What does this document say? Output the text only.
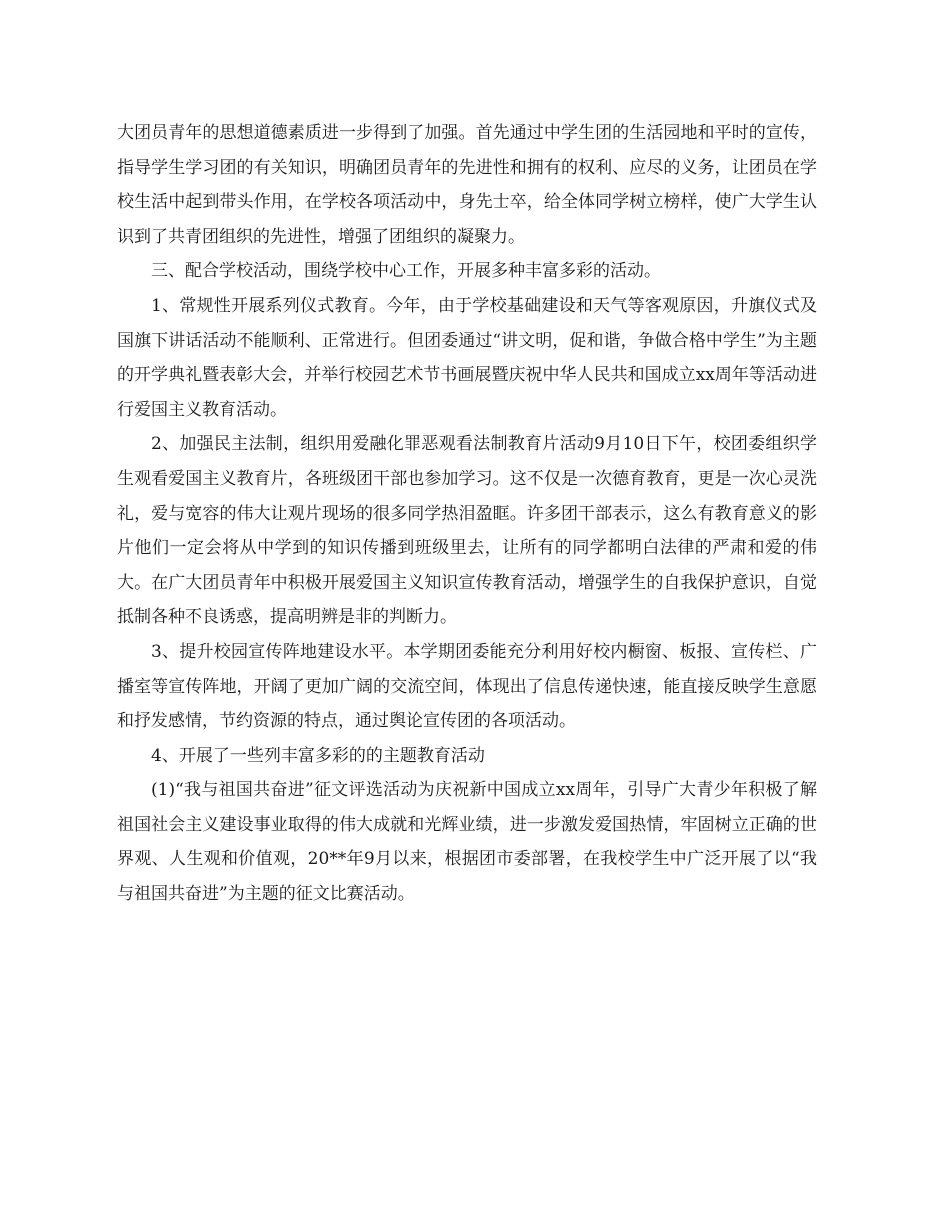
大团员青年的思想道德素质进一步得到了加强。首先通过中学生团的生活园地和平时的宣传，指导学生学习团的有关知识，明确团员青年的先进性和拥有的权利、应尽的义务，让团员在学校生活中起到带头作用，在学校各项活动中，身先士卒，给全体同学树立榜样，使广大学生认识到了共青团组织的先进性，增强了团组织的凝聚力。

三、配合学校活动，围绕学校中心工作，开展多种丰富多彩的活动。

1、常规性开展系列仪式教育。今年，由于学校基础建设和天气等客观原因，升旗仪式及国旗下讲话活动不能顺利、正常进行。但团委通过“讲文明，促和谐，争做合格中学生”为主题的开学典礼暨表彰大会，并举行校园艺术节书画展暨庆祝中华人民共和国成立xx周年等活动进行爱国主义教育活动。

2、加强民主法制，组织用爱融化罪恶观看法制教育片活动9月10日下午，校团委组织学生观看爱国主义教育片，各班级团干部也参加学习。这不仅是一次德育教育，更是一次心灵洗礼，爱与宽容的伟大让观片现场的很多同学热泪盈眶。许多团干部表示，这么有教育意义的影片他们一定会将从中学到的知识传播到班级里去，让所有的同学都明白法律的严肃和爱的伟大。在广大团员青年中积极开展爱国主义知识宣传教育活动，增强学生的自我保护意识，自觉抵制各种不良诱惑，提高明辨是非的判断力。

3、提升校园宣传阵地建设水平。本学期团委能充分利用好校内橱窗、板报、宣传栏、广播室等宣传阵地，开阔了更加广阔的交流空间，体现出了信息传递快速，能直接反映学生意愿和抒发感情，节约资源的特点，通过舆论宣传团的各项活动。

4、开展了一些列丰富多彩的的主题教育活动

(1)“我与祖国共奋进”征文评选活动为庆祝新中国成立xx周年，引导广大青少年积极了解祖国社会主义建设事业取得的伟大成就和光辉业绩，进一步激发爱国热情，牢固树立正确的世界观、人生观和价值观，20**年9月以来，根据团市委部署，在我校学生中广泛开展了以“我与祖国共奋进”为主题的征文比赛活动。
